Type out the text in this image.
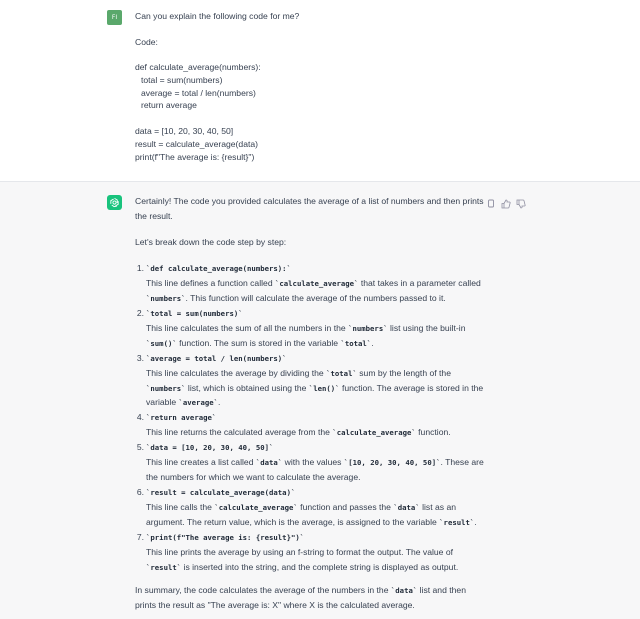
FI	Can you explain the following code for me?
Code:
def calculate_average(numbers):
total = sum(numbers)
average = total / len(numbers)
return average
data = [10, 20, 30, 40, 50]
result = calculate_average(data)
print(f"The average is: {result}")
Certainly! The code you provided calculates the average of a list of numbers and then prints
the result.
Let's break down the code step by step:
1. `def calculate_average(numbers):`
This line defines a function called `calculate_average` that takes in a parameter called
`numbers`. This function will calculate the average of the numbers passed to it.
2. `total = sum(numbers)`
This line calculates the sum of all the numbers in the `numbers` list using the built-in
`sum()` function. The sum is stored in the variable `total`.
3. `average = total / len(numbers)`
This line calculates the average by dividing the `total` sum by the length of the
`numbers` list, which is obtained using the `len()` function. The average is stored in the
variable `average`.
4. `return average`
This line returns the calculated average from the `calculate_average` function.
5. `data = [10, 20, 30, 40, 50]`
This line creates a list called `data` with the values `[10, 20, 30, 40, 50]`. These are
the numbers for which we want to calculate the average.
6. `result = calculate_average(data)`
This line calls the `calculate_average` function and passes the `data` list as an
argument. The return value, which is the average, is assigned to the variable `result`.
7. `print(f"The average is: {result}")`
This line prints the average by using an f-string to format the output. The value of
`result` is inserted into the string, and the complete string is displayed as output.
In summary, the code calculates the average of the numbers in the `data` list and then
prints the result as "The average is: X" where X is the calculated average.
